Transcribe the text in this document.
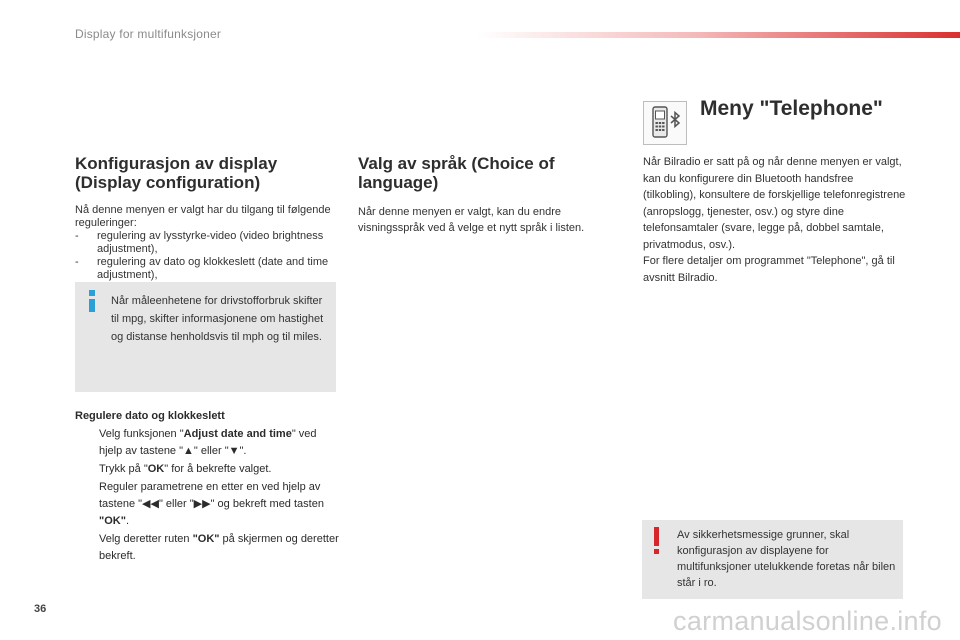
Display for multifunksjoner
Konfigurasjon av display (Display configuration)
Nå denne menyen er valgt har du tilgang til følgende reguleringer:
-	regulering av lysstyrke-video (video brightness adjustment),
-	regulering av dato og klokkeslett (date and time adjustment),
Når måleenhetene for drivstofforbruk skifter til mpg, skifter informasjonene om hastighet og distanse henholdsvis til mph og til miles.
Regulere dato og klokkeslett
Velg funksjonen "Adjust date and time" ved hjelp av tastene "▲" eller "▼".
Trykk på "OK" for å bekrefte valget.
Reguler parametrene en etter en ved hjelp av tastene "◀◀" eller "▶▶" og bekreft med tasten "OK".
Velg deretter ruten "OK" på skjermen og deretter bekreft.
Valg av språk (Choice of language)
Når denne menyen er valgt, kan du endre visningsspråk ved å velge et nytt språk i listen.
Meny "Telephone"
Når Bilradio er satt på og når denne menyen er valgt, kan du konfigurere din Bluetooth handsfree (tilkobling), konsultere de forskjellige telefonregistrene (anropslogg, tjenester, osv.) og styre dine telefonsamtaler (svare, legge på, dobbel samtale, privatmodus, osv.).
For flere detaljer om programmet "Telephone", gå til avsnitt Bilradio.
Av sikkerhetsmessige grunner, skal konfigurasjon av displayene for multifunksjoner utelukkende foretas når bilen står i ro.
36	carmanualsonline.info
